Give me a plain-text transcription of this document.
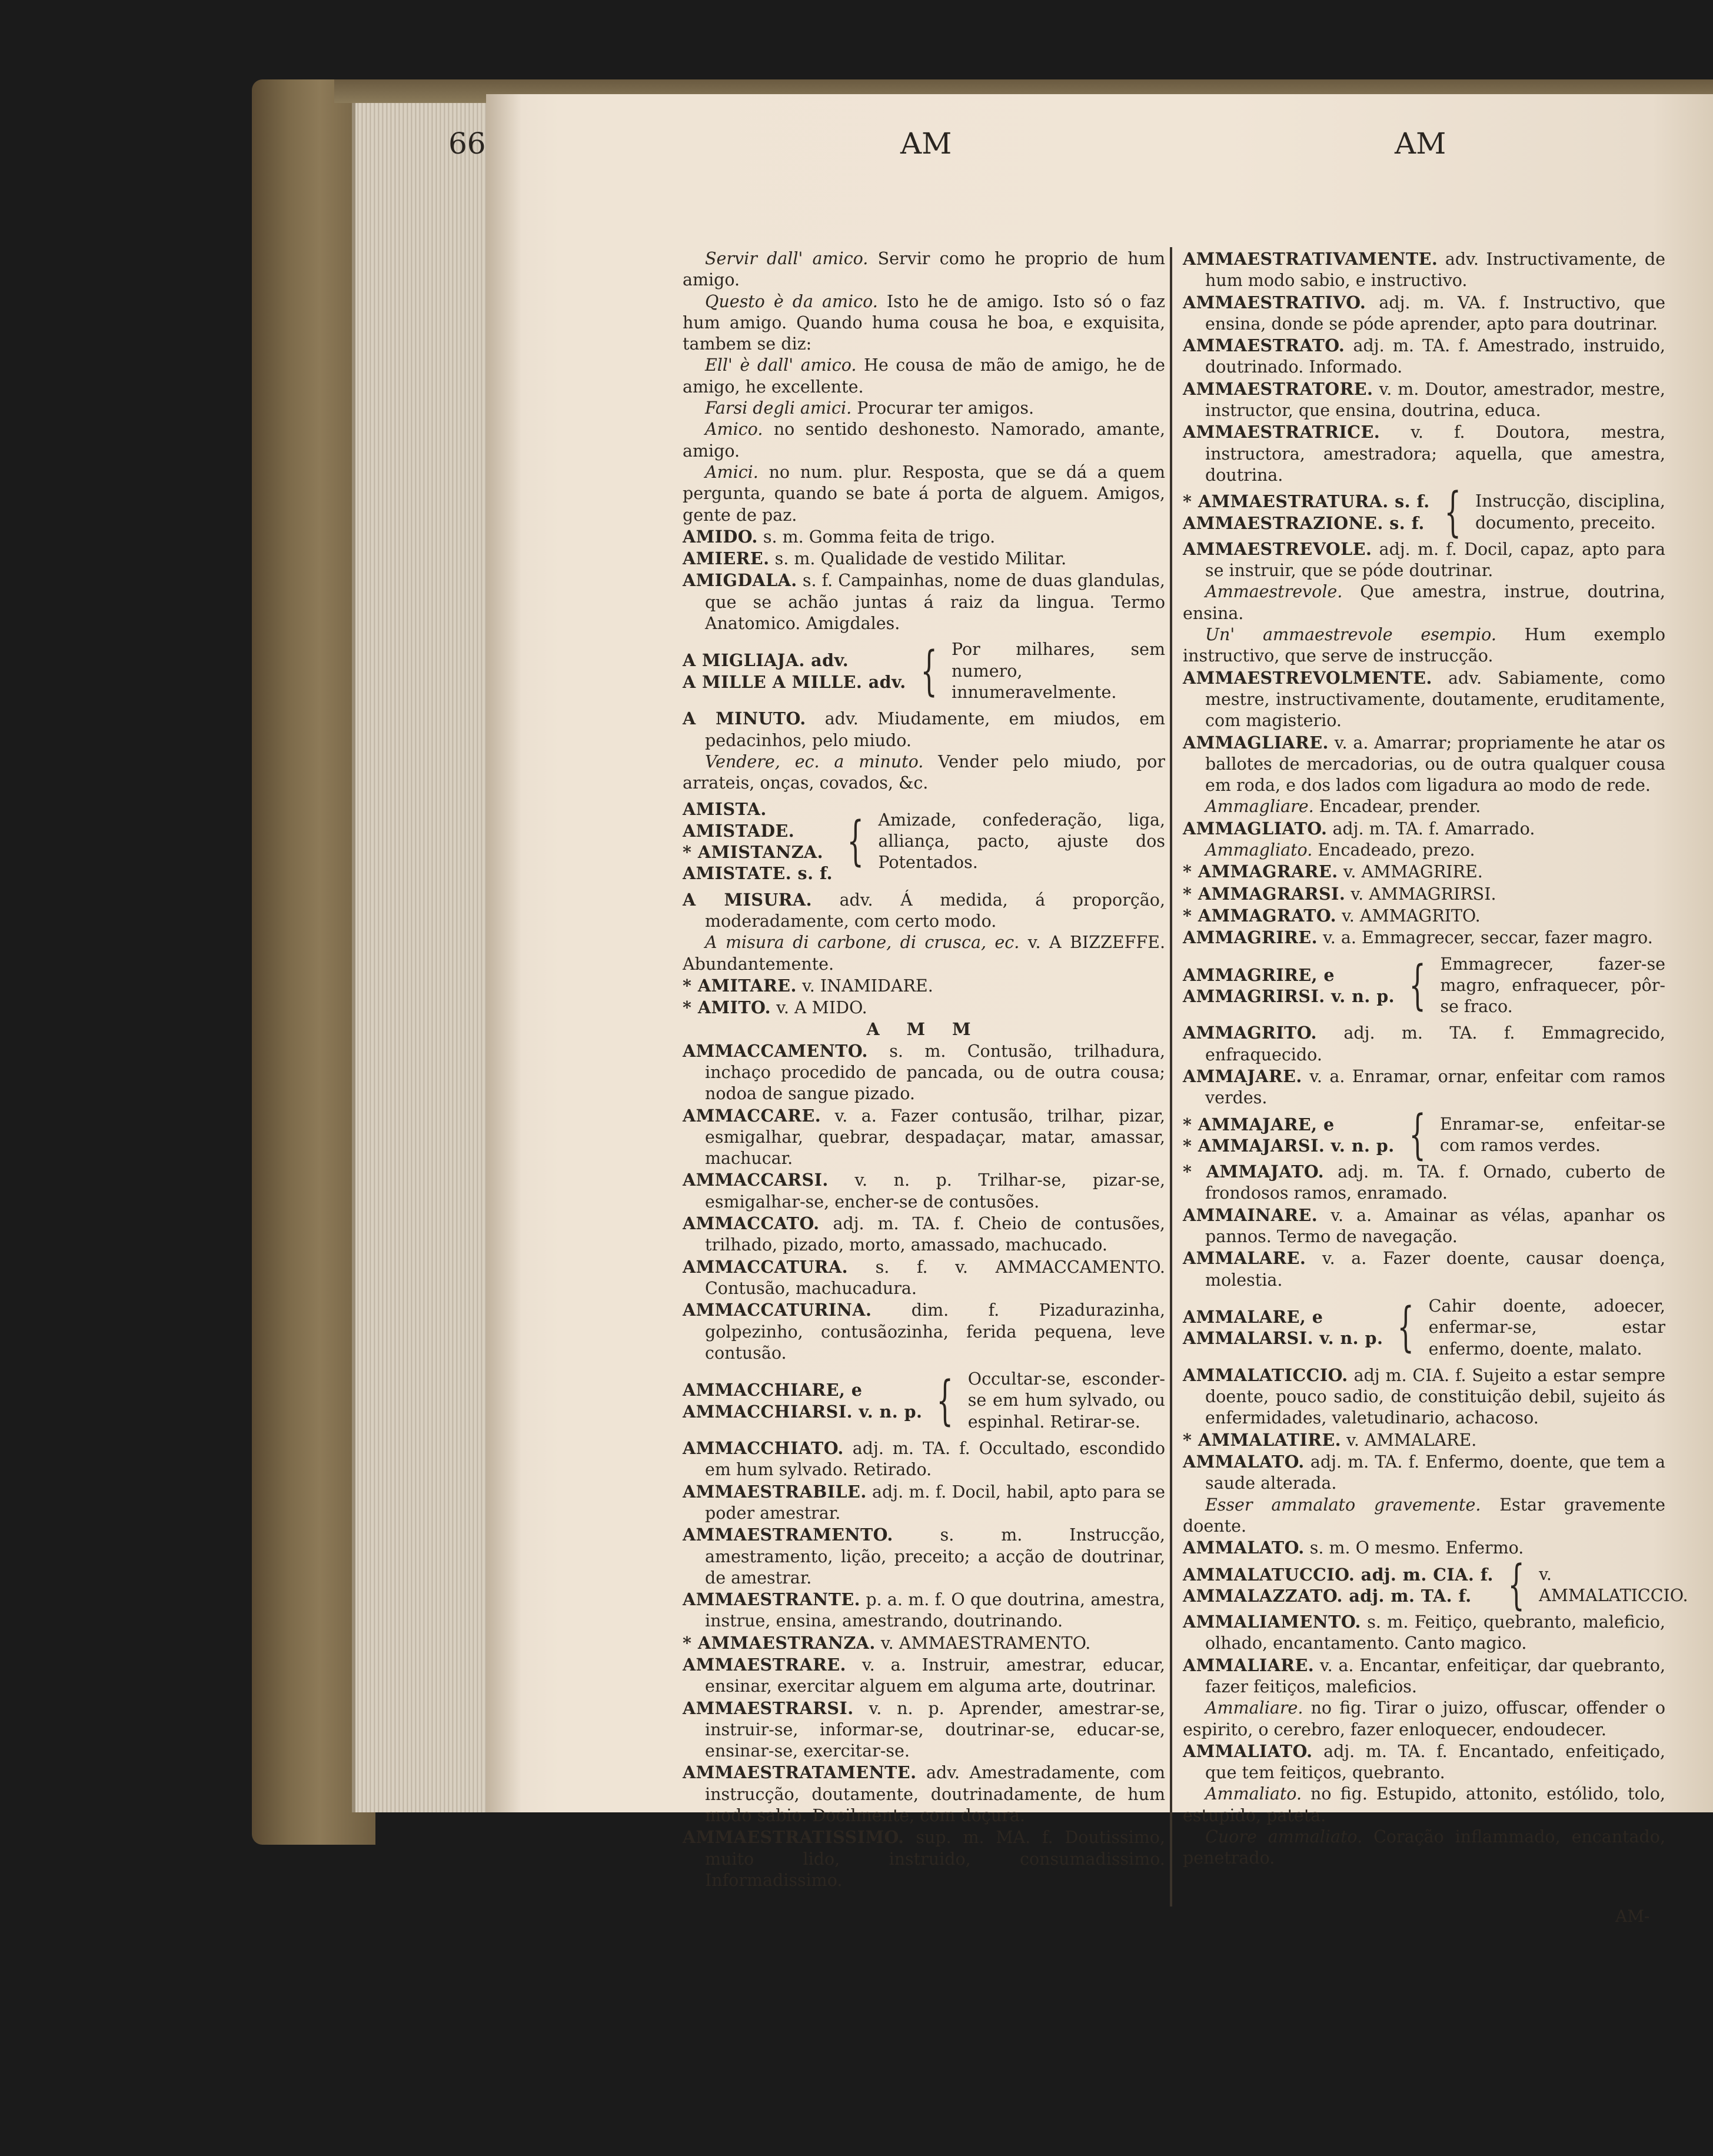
66	AM	AM

Servir dall' amico. Servir como he proprio de hum amigo.

Questo è da amico. Isto he de amigo. Isto só o faz hum amigo. Quando huma cousa he boa, e exquisita, tambem se diz:

Ell' è dall' amico. He cousa de mão de amigo, he de amigo, he excellente.

Farsi degli amici. Procurar ter amigos.

Amico. no sentido deshonesto. Namorado, amante, amigo.

Amici. no num. plur. Resposta, que se dá a quem pergunta, quando se bate á porta de alguem. Amigos, gente de paz.

AMIDO. s. m. Gomma feita de trigo.

AMIERE. s. m. Qualidade de vestido Militar.

AMIGDALA. s. f. Campainhas, nome de duas glandulas, que se achão juntas á raiz da lingua. Termo Anatomico. Amigdales.

A MIGLIAJA. adv.
A MILLE A MILLE. adv. { Por milhares, sem numero, innumeravelmente.

A MINUTO. adv. Miudamente, em miudos, em pedacinhos, pelo miudo.

Vendere, ec. a minuto. Vender pelo miudo, por arrateis, onças, covados, &c.

AMISTA.
AMISTADE.
* AMISTANZA.
AMISTATE. s. f.
{ Amizade, confederação, liga, alliança, pacto, ajuste dos Potentados.

A MISURA. adv. Á medida, á proporção, moderadamente, com certo modo.

A misura di carbone, di crusca, ec. v. A BIZZEFFE. Abundantemente.

* AMITARE. v. INAMIDARE.

* AMITO. v. A MIDO.

A M M

AMMACCAMENTO. s. m. Contusão, trilhadura, inchaço procedido de pancada, ou de outra cousa; nodoa de sangue pizado.

AMMACCARE. v. a. Fazer contusão, trilhar, pizar, esmigalhar, quebrar, despadaçar, matar, amassar, machucar.

AMMACCARSI. v. n. p. Trilhar-se, pizar-se, esmigalhar-se, encher-se de contusões.

AMMACCATO. adj. m. TA. f. Cheio de contusões, trilhado, pizado, morto, amassado, machucado.

AMMACCATURA. s. f. v. AMMACCAMENTO. Contusão, machucadura.

AMMACCATURINA. dim. f. Pizadurazinha, golpezinho, contusãozinha, ferida pequena, leve contusão.

AMMACCHIARE, e
AMMACCHIARSI. v. n. p. { Occultar-se, esconder-se em hum sylvado, ou espinhal. Retirar-se.

AMMACCHIATO. adj. m. TA. f. Occultado, escondido em hum sylvado. Retirado.

AMMAESTRABILE. adj. m. f. Docil, habil, apto para se poder amestrar.

AMMAESTRAMENTO.	s. m. Instrucção, amestramento, lição, preceito; a acção de doutrinar, de amestrar.

AMMAESTRANTE. p. a. m. f. O que doutrina, amestra, instrue, ensina, amestrando, doutrinando.

* AMMAESTRANZA. v. AMMAESTRAMENTO.

AMMAESTRARE. v. a. Instruir, amestrar, educar, ensinar, exercitar alguem em alguma arte, doutrinar.

AMMAESTRARSI. v. n. p. Aprender, amestrar-se, instruir-se, informar-se, doutrinar-se, educar-se, ensinar-se, exercitar-se.

AMMAESTRATAMENTE. adv. Amestradamente, com instrucção, doutamente, doutrinadamente, de hum modo sabio. Docilmente, com doçura.

AMMAESTRATISSIMO. sup. m. MA. f. Doutissimo, muito lido, instruido, consumadissimo. Informadissimo.

AMMAESTRATIVAMENTE. adv. Instructivamente, de hum modo sabio, e instructivo.

AMMAESTRATIVO. adj. m. VA. f. Instructivo, que ensina, donde se póde aprender, apto para doutrinar.

AMMAESTRATO. adj. m. TA. f. Amestrado, instruido, doutrinado. Informado.

AMMAESTRATORE. v. m. Doutor, amestrador, mestre, instructor, que ensina, doutrina, educa.

AMMAESTRATRICE. v. f. Doutora, mestra, instructora, amestradora; aquella, que amestra, doutrina.

* AMMAESTRATURA. s. f.
AMMAESTRAZIONE. s. f. { Instrucção, disciplina, documento, preceito.

AMMAESTREVOLE. adj. m. f. Docil, capaz, apto para se instruir, que se póde doutrinar.

Ammaestrevole. Que amestra, instrue, doutrina, ensina.

Un' ammaestrevole esempio. Hum exemplo instructivo, que serve de instrucção.

AMMAESTREVOLMENTE. adv. Sabiamente, como mestre, instructivamente, doutamente, eruditamente, com magisterio.

AMMAGLIARE. v. a. Amarrar; propriamente he atar os ballotes de mercadorias, ou de outra qualquer cousa em roda, e dos lados com ligadura ao modo de rede.

Ammagliare. Encadear, prender.

AMMAGLIATO. adj. m. TA. f. Amarrado.

Ammagliato. Encadeado, prezo.

* AMMAGRARE. v. AMMAGRIRE.

* AMMAGRARSI. v. AMMAGRIRSI.

* AMMAGRATO. v. AMMAGRITO.

AMMAGRIRE. v. a. Emmagrecer, seccar, fazer magro.

AMMAGRIRE, e
AMMAGRIRSI. v. n. p. { Emmagrecer, fazer-se magro, enfraquecer, pôr-se fraco.

AMMAGRITO. adj. m. TA. f. Emmagrecido, enfraquecido.

AMMAJARE. v. a. Enramar, ornar, enfeitar com ramos verdes.

* AMMAJARE, e
* AMMAJARSI. v. n. p. { Enramar-se, enfeitar-se com ramos verdes.

* AMMAJATO. adj. m. TA. f. Ornado, cuberto de frondosos ramos, enramado.

AMMAINARE. v. a. Amainar as vélas, apanhar os pannos. Termo de navegação.

AMMALARE. v. a. Fazer doente, causar doença, molestia.

AMMALARE, e
AMMALARSI. v. n. p. { Cahir doente, adoecer, enfermar-se, estar enfermo, doente, malato.

AMMALATICCIO. adj m. CIA. f. Sujeito a estar sempre doente, pouco sadio, de constituição debil, sujeito ás enfermidades, valetudinario, achacoso.

* AMMALATIRE. v. AMMALARE.

AMMALATO. adj. m. TA. f. Enfermo, doente, que tem a saude alterada.

Esser ammalato gravemente. Estar gravemente doente.

AMMALATO. s. m. O mesmo. Enfermo.

AMMALATUCCIO. adj. m. CIA. f.
AMMALAZZATO. adj. m. TA. f. { v. AMMALATICCIO.

AMMALIAMENTO. s. m. Feitiço, quebranto, maleficio, olhado, encantamento. Canto magico.

AMMALIARE. v. a. Encantar, enfeitiçar, dar quebranto, fazer feitiços, maleficios.

Ammaliare. no fig. Tirar o juizo, offuscar, offender o espirito, o cerebro, fazer enloquecer, endoudecer.

AMMALIATO. adj. m. TA. f. Encantado, enfeitiçado, que tem feitiços, quebranto.

Ammaliato. no fig. Estupido, attonito, estólido, tolo, estupido, pateta.

Cuore ammaliato. Coração inflammado, encantado, penetrado.

AM-
